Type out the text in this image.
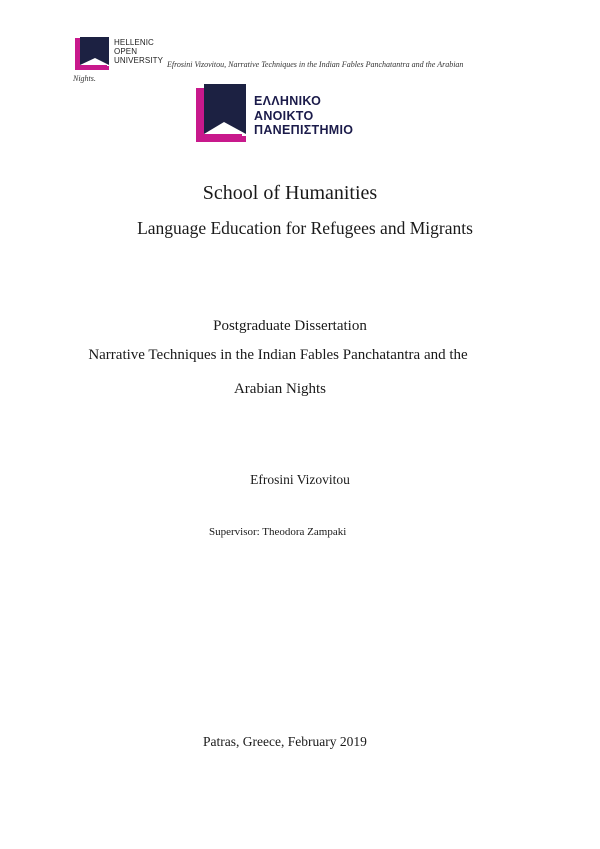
HELLENIC
OPEN
UNIVERSITY Efrosini Vizovitou, Narrative Techniques in the Indian Fables Panchatantra and the Arabian
Nights.
ΕΛΛΗΝΙΚΟ
ΑΝΟΙΚΤΟ
ΠΑΝΕΠΙΣΤΗΜΙΟ
School of Humanities
Language Education for Refugees and Migrants
Postgraduate Dissertation
Narrative Techniques in the Indian Fables Panchatantra and the
Arabian Nights
Efrosini Vizovitou
Supervisor: Theodora Zampaki
Patras, Greece, February 2019
